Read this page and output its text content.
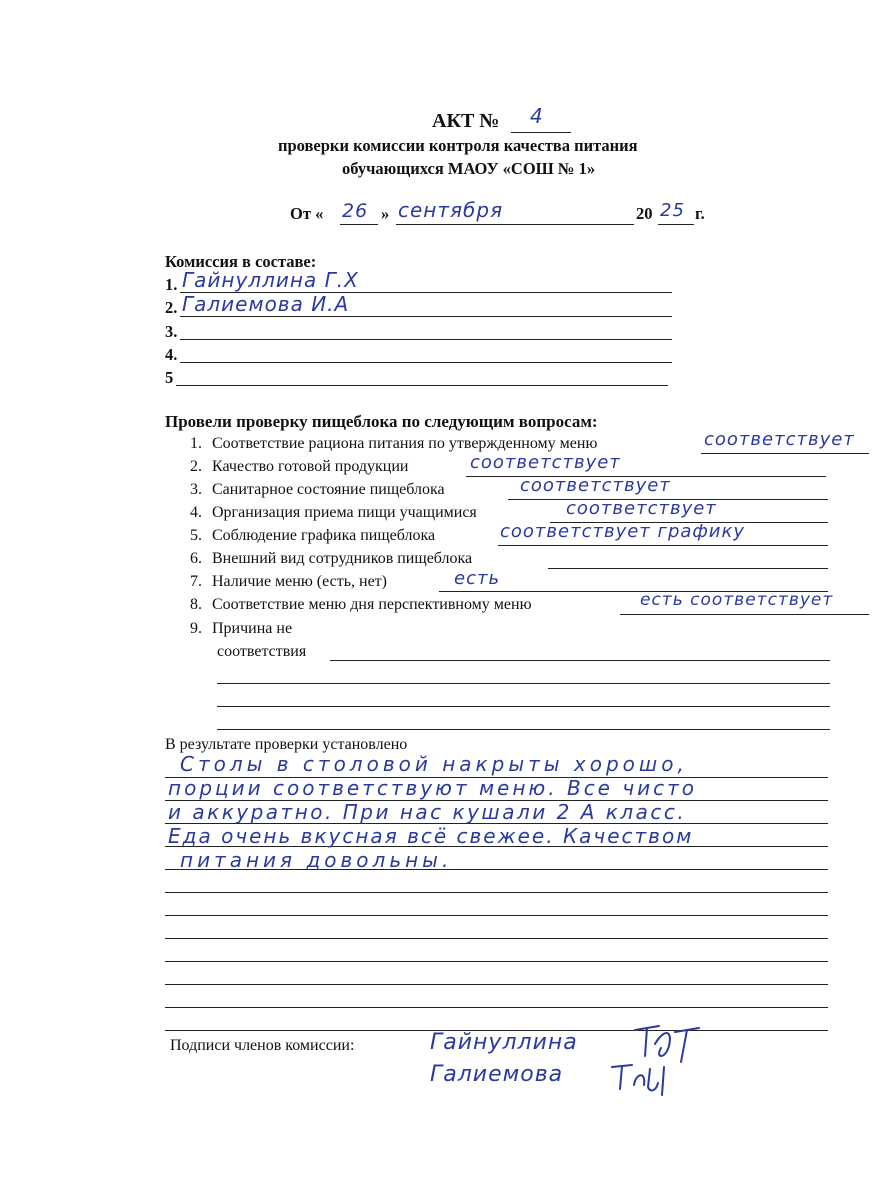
АКТ № 4
проверки комиссии контроля качества питания
обучающихся МАОУ «СОШ № 1»
От « 26 » сентября	20 25 г.
Комиссия в составе:
1. Гайнуллина Г.Х
2. Галиемова И.А
3.
4.
5
Провели проверку пищеблока по следующим вопросам:
1. Соответствие рациона питания по утвержденному меню	соответствует
2. Качество готовой продукции	соответствует
3. Санитарное состояние пищеблока	соответствует
4. Организация приема пищи учащимися	соответствует
5. Соблюдение графика пищеблока	соответствует графику
6. Внешний вид сотрудников пищеблока
7. Наличие меню (есть, нет)	есть
8. Соответствие меню дня перспективному меню	есть соответствует
9. Причина не
соответствия
В результате проверки установлено
Столы в столовой накрыты хорошо,
порции соответствуют меню. Все чисто
и аккуратно. При нас кушали 2 А класс.
Еда очень вкусная всё свежее. Качеством
питания довольны.
Подписи членов комиссии:	Гайнуллина
Галиемова
